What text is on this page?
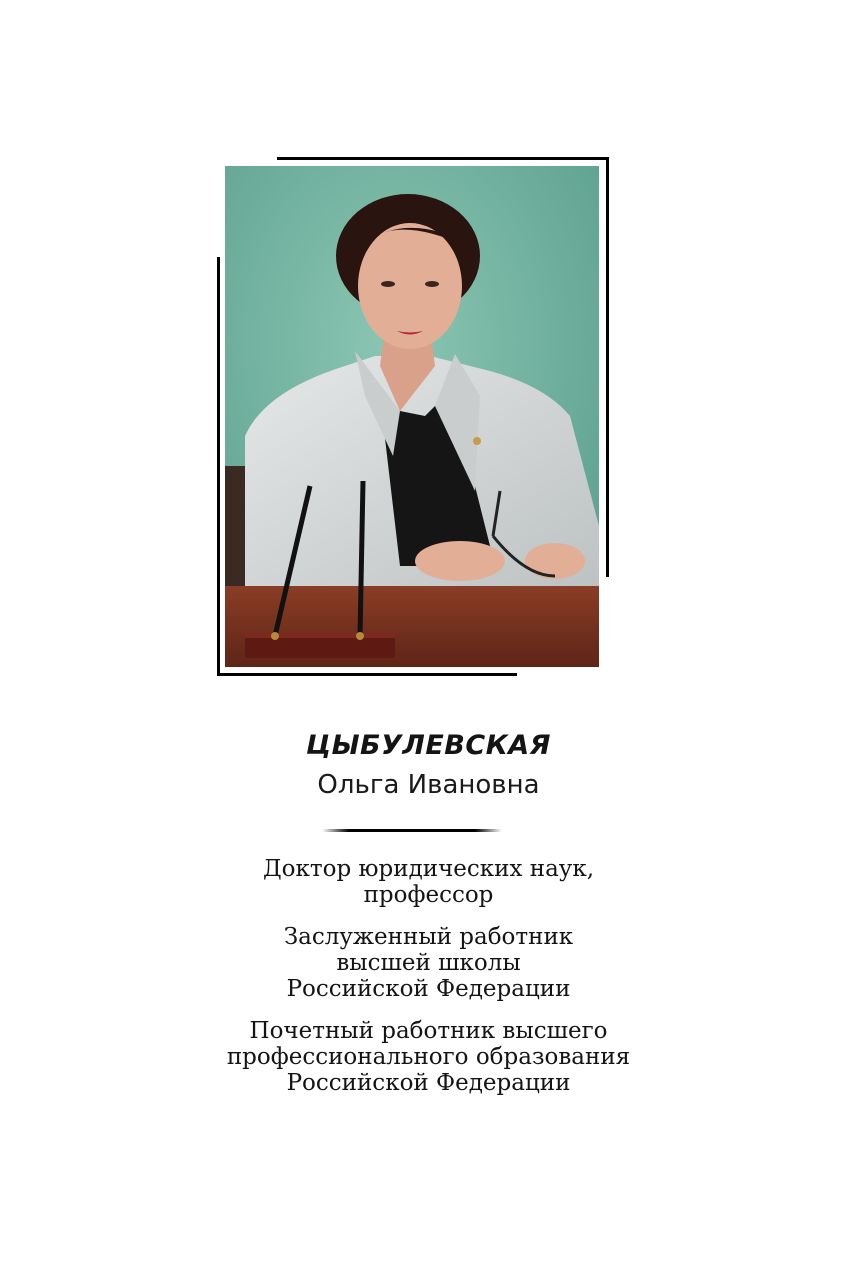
ЦЫБУЛЕВСКАЯ
Ольга Ивановна
Доктор юридических наук,
профессор
Заслуженный работник
высшей школы
Российской Федерации
Почетный работник высшего
профессионального образования
Российской Федерации
